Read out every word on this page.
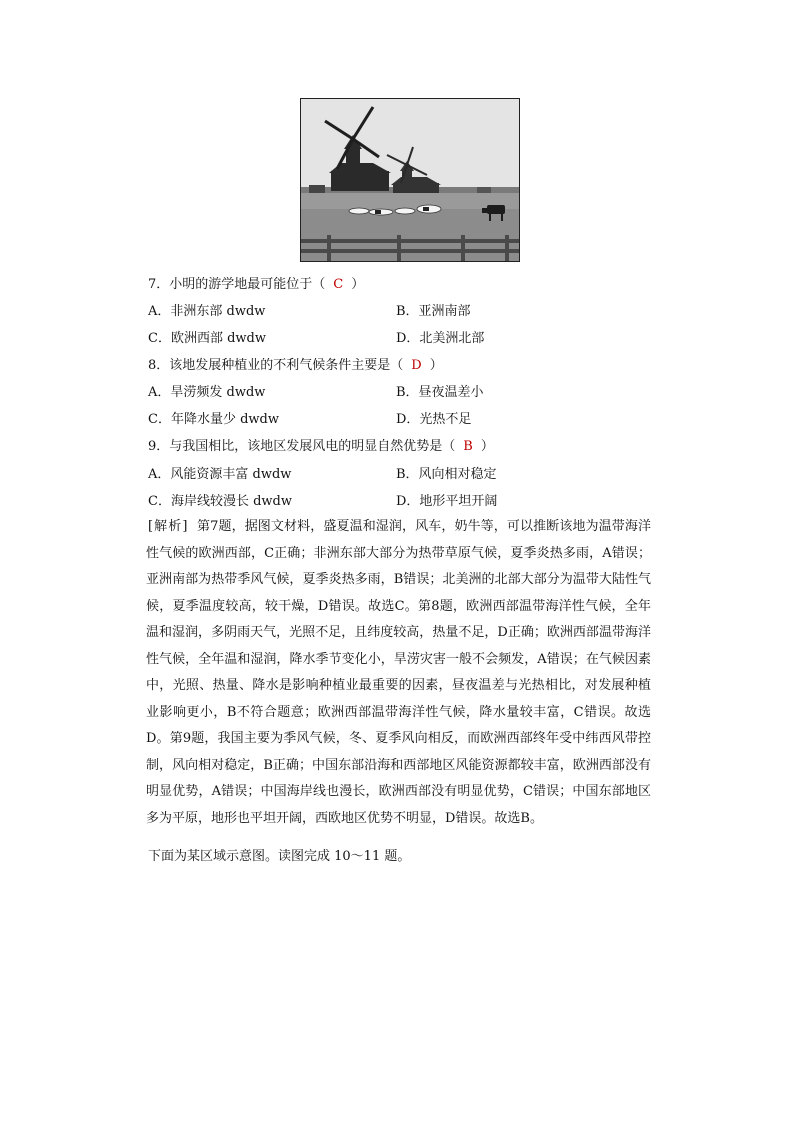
7．小明的游学地最可能位于（ C ）
A．非洲东部 dwdw	B．亚洲南部
C．欧洲西部 dwdw	D．北美洲北部
8．该地发展种植业的不利气候条件主要是（ D ）
A．旱涝频发 dwdw	B．昼夜温差小
C．年降水量少 dwdw	D．光热不足
9．与我国相比，该地区发展风电的明显自然优势是（ B ）
A．风能资源丰富 dwdw	B．风向相对稳定
C．海岸线较漫长 dwdw	D．地形平坦开阔
[解析] 第7题，据图文材料，盛夏温和湿润，风车，奶牛等，可以推断该地为温带海洋性气候的欧洲西部，C正确；非洲东部大部分为热带草原气候，夏季炎热多雨，A错误；亚洲南部为热带季风气候，夏季炎热多雨，B错误；北美洲的北部大部分为温带大陆性气候，夏季温度较高，较干燥，D错误。故选C。第8题，欧洲西部温带海洋性气候，全年温和湿润，多阴雨天气，光照不足，且纬度较高，热量不足，D正确；欧洲西部温带海洋性气候，全年温和湿润，降水季节变化小，旱涝灾害一般不会频发，A错误；在气候因素中，光照、热量、降水是影响种植业最重要的因素，昼夜温差与光热相比，对发展种植业影响更小，B不符合题意；欧洲西部温带海洋性气候，降水量较丰富，C错误。故选D。第9题，我国主要为季风气候，冬、夏季风向相反，而欧洲西部终年受中纬西风带控制，风向相对稳定，B正确；中国东部沿海和西部地区风能资源都较丰富，欧洲西部没有明显优势，A错误；中国海岸线也漫长，欧洲西部没有明显优势，C错误；中国东部地区多为平原，地形也平坦开阔，西欧地区优势不明显，D错误。故选B。
下面为某区域示意图。读图完成 10～11 题。
